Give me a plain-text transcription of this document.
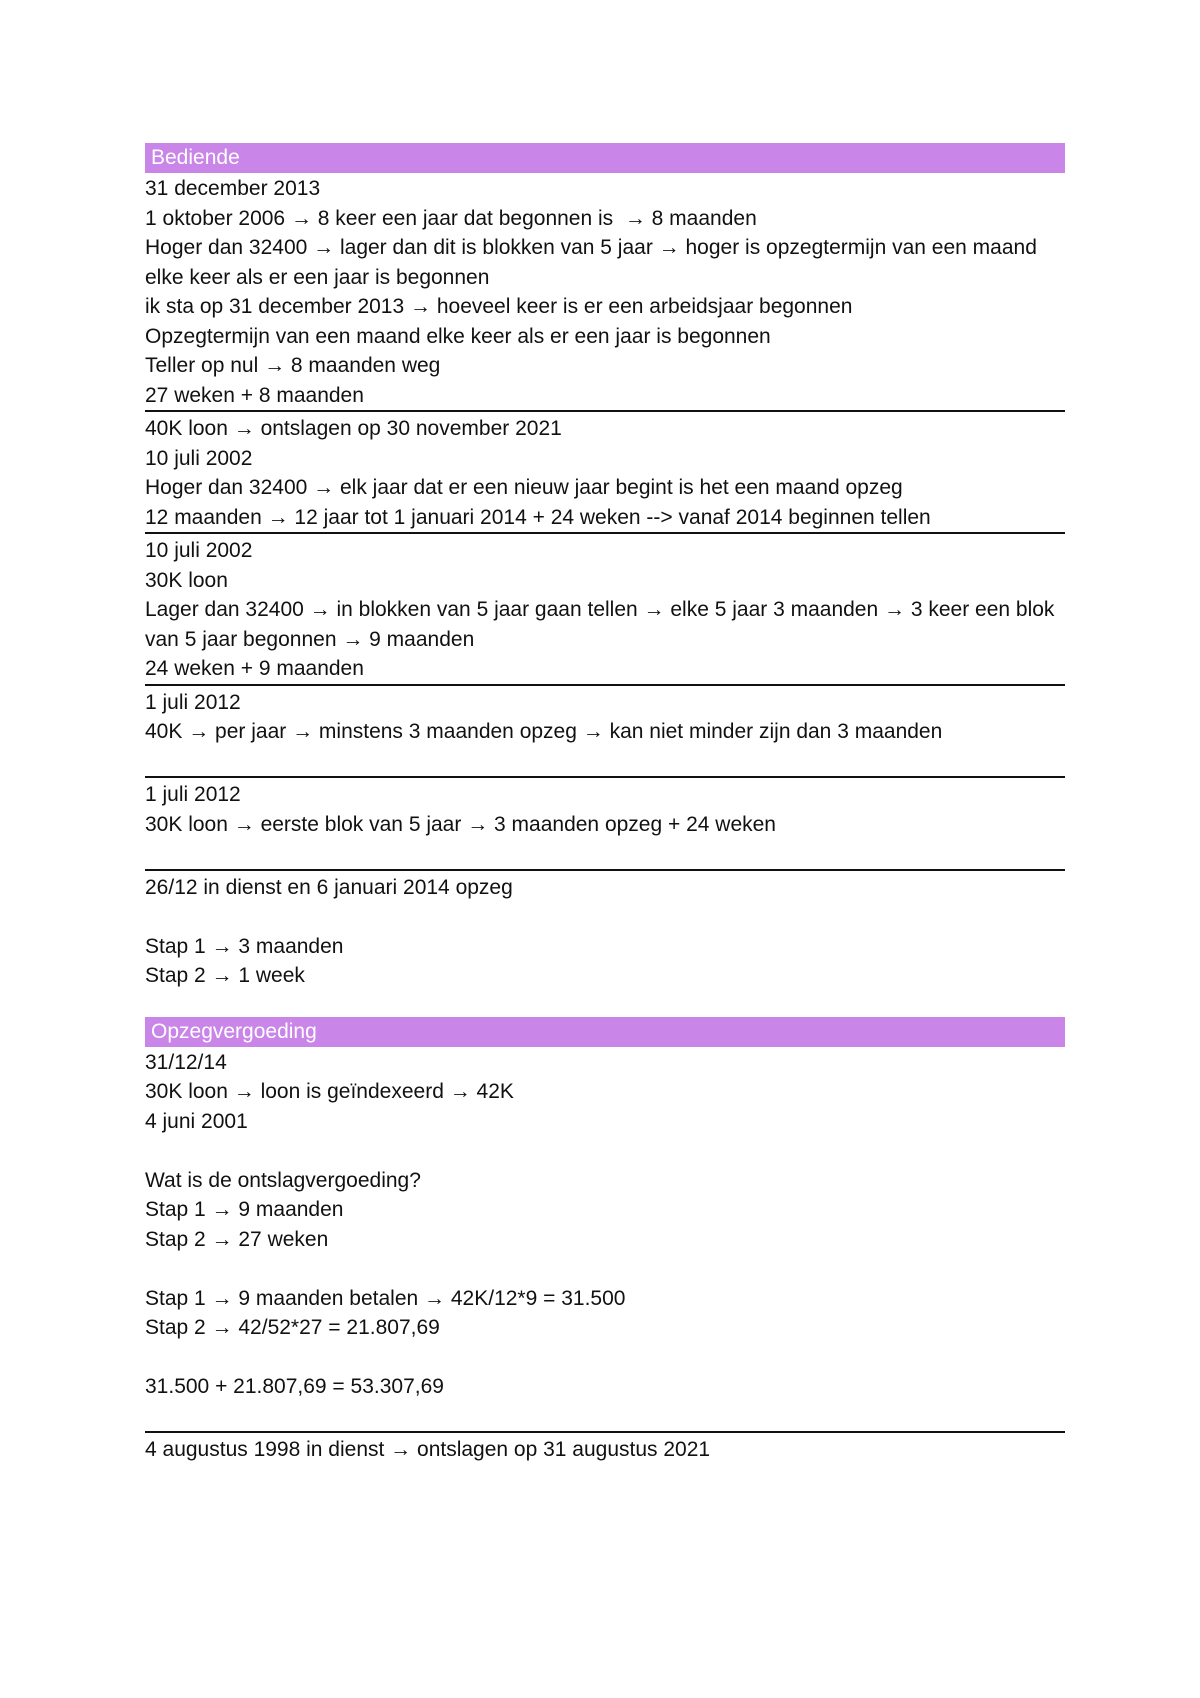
Bediende
31 december 2013
1 oktober 2006 → 8 keer een jaar dat begonnen is  → 8 maanden
Hoger dan 32400 → lager dan dit is blokken van 5 jaar → hoger is opzegtermijn van een maand elke keer als er een jaar is begonnen
ik sta op 31 december 2013 → hoeveel keer is er een arbeidsjaar begonnen
Opzegtermijn van een maand elke keer als er een jaar is begonnen
Teller op nul → 8 maanden weg
27 weken + 8 maanden
40K loon → ontslagen op 30 november 2021
10 juli 2002
Hoger dan 32400 → elk jaar dat er een nieuw jaar begint is het een maand opzeg
12 maanden → 12 jaar tot 1 januari 2014 + 24 weken --> vanaf 2014 beginnen tellen
10 juli 2002
30K loon
Lager dan 32400 → in blokken van 5 jaar gaan tellen → elke 5 jaar 3 maanden → 3 keer een blok van 5 jaar begonnen → 9 maanden
24 weken + 9 maanden
1 juli 2012
40K → per jaar → minstens 3 maanden opzeg → kan niet minder zijn dan 3 maanden
1 juli 2012
30K loon → eerste blok van 5 jaar → 3 maanden opzeg + 24 weken
26/12 in dienst en 6 januari 2014 opzeg
Stap 1 → 3 maanden
Stap 2 → 1 week
Opzegvergoeding
31/12/14
30K loon → loon is geïndexeerd → 42K
4 juni 2001
Wat is de ontslagvergoeding?
Stap 1 → 9 maanden
Stap 2 → 27 weken
Stap 1 → 9 maanden betalen → 42K/12*9 = 31.500
Stap 2 → 42/52*27 = 21.807,69
31.500 + 21.807,69 = 53.307,69
4 augustus 1998 in dienst → ontslagen op 31 augustus 2021
